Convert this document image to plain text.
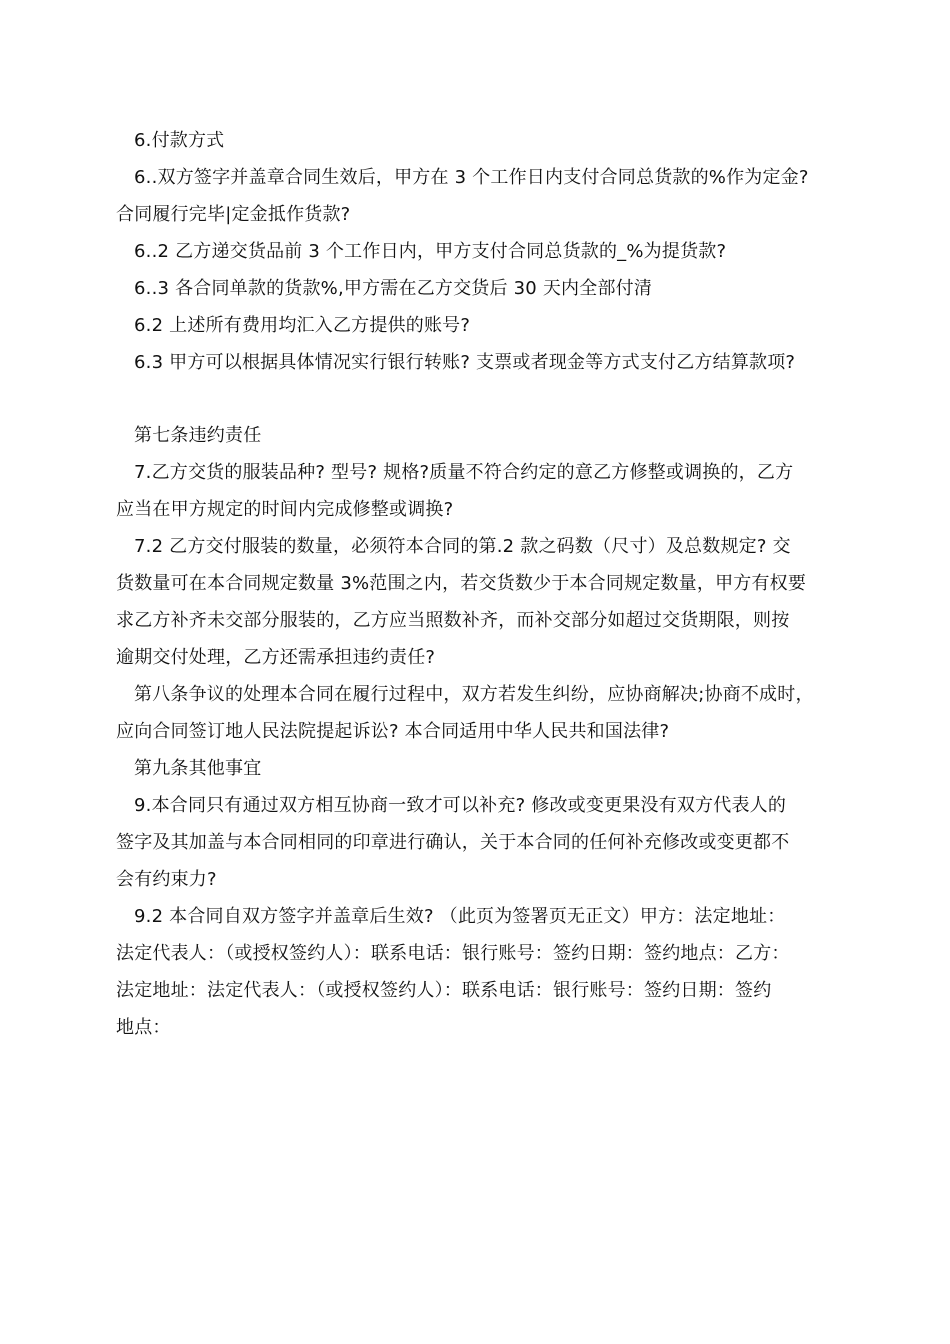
6.付款方式
6..双方签字并盖章合同生效后，甲方在 3 个工作日内支付合同总货款的%作为定金?
合同履行完毕|定金抵作货款?
6..2 乙方递交货品前 3 个工作日内，甲方支付合同总货款的_%为提货款?
6..3 各合同单款的货款%,甲方需在乙方交货后 30 天内全部付清
6.2 上述所有费用均汇入乙方提供的账号?
6.3 甲方可以根据具体情况实行银行转账? 支票或者现金等方式支付乙方结算款项?
第七条违约责任
7.乙方交货的服装品种? 型号? 规格?质量不符合约定的意乙方修整或调换的，乙方
应当在甲方规定的时间内完成修整或调换?
7.2 乙方交付服装的数量，必须符本合同的第.2 款之码数（尺寸）及总数规定? 交
货数量可在本合同规定数量 3%范围之内，若交货数少于本合同规定数量，甲方有权要
求乙方补齐未交部分服装的，乙方应当照数补齐，而补交部分如超过交货期限，则按
逾期交付处理，乙方还需承担违约责任?
第八条争议的处理本合同在履行过程中，双方若发生纠纷，应协商解决;协商不成时，
应向合同签订地人民法院提起诉讼? 本合同适用中华人民共和国法律?
第九条其他事宜
9.本合同只有通过双方相互协商一致才可以补充? 修改或变更果没有双方代表人的
签字及其加盖与本合同相同的印章进行确认，关于本合同的任何补充修改或变更都不
会有约束力?
9.2 本合同自双方签字并盖章后生效? （此页为签署页无正文）甲方：法定地址：
法定代表人：（或授权签约人）：联系电话：银行账号：签约日期：签约地点：乙方：
法定地址：法定代表人：（或授权签约人）：联系电话：银行账号：签约日期：签约
地点：
